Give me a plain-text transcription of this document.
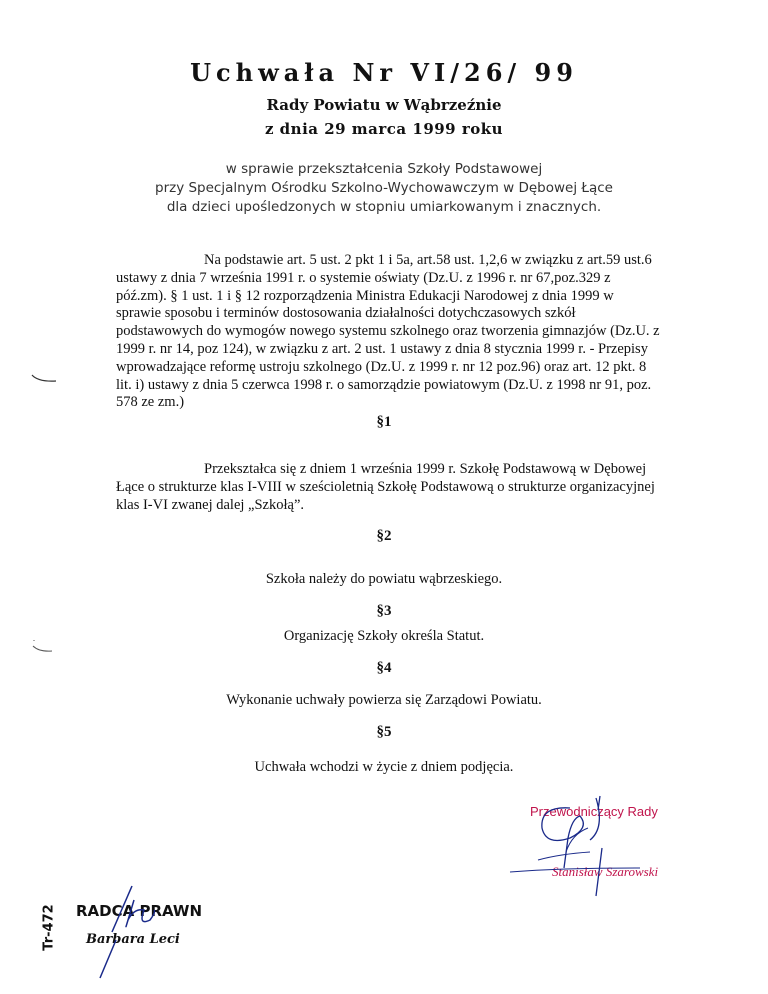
Uchwała Nr VI/26/ 99
Rady Powiatu w Wąbrzeźnie
z dnia 29 marca 1999 roku
w sprawie przekształcenia Szkoły Podstawowej
przy Specjalnym Ośrodku Szkolno-Wychowawczym w Dębowej Łące
dla dzieci upośledzonych w stopniu umiarkowanym i znacznych.
Na podstawie art. 5 ust. 2 pkt 1 i 5a, art.58 ust. 1,2,6 w związku z art.59 ust.6
ustawy z dnia 7 września 1991 r. o systemie oświaty (Dz.U. z 1996 r. nr 67,poz.329 z
póź.zm). § 1 ust. 1 i § 12 rozporządzenia Ministra Edukacji Narodowej z dnia 1999 w
sprawie sposobu i terminów dostosowania działalności dotychczasowych szkół
podstawowych do wymogów nowego systemu szkolnego oraz tworzenia gimnazjów (Dz.U. z
1999 r. nr 14, poz 124), w związku z art. 2 ust. 1 ustawy z dnia 8 stycznia 1999 r. - Przepisy
wprowadzające reformę ustroju szkolnego (Dz.U. z 1999 r. nr 12 poz.96) oraz art. 12 pkt. 8
lit. i) ustawy z dnia 5 czerwca 1998 r. o samorządzie powiatowym (Dz.U. z 1998 nr 91, poz.
578 ze zm.)
§1
Przekształca się z dniem 1 września 1999 r. Szkołę Podstawową w Dębowej
Łące o strukturze klas I-VIII w sześcioletnią Szkołę Podstawową o strukturze organizacyjnej
klas I-VI zwanej dalej „Szkołą”.
§2
Szkoła należy do powiatu wąbrzeskiego.
§3
Organizację Szkoły określa Statut.
§4
Wykonanie uchwały powierza się Zarządowi Powiatu.
§5
Uchwała wchodzi w życie z dniem podjęcia.
Przewodniczący Rady
Stanisław Szarowski
Tr-472 RADCA PRAWN
Barbara Leci
